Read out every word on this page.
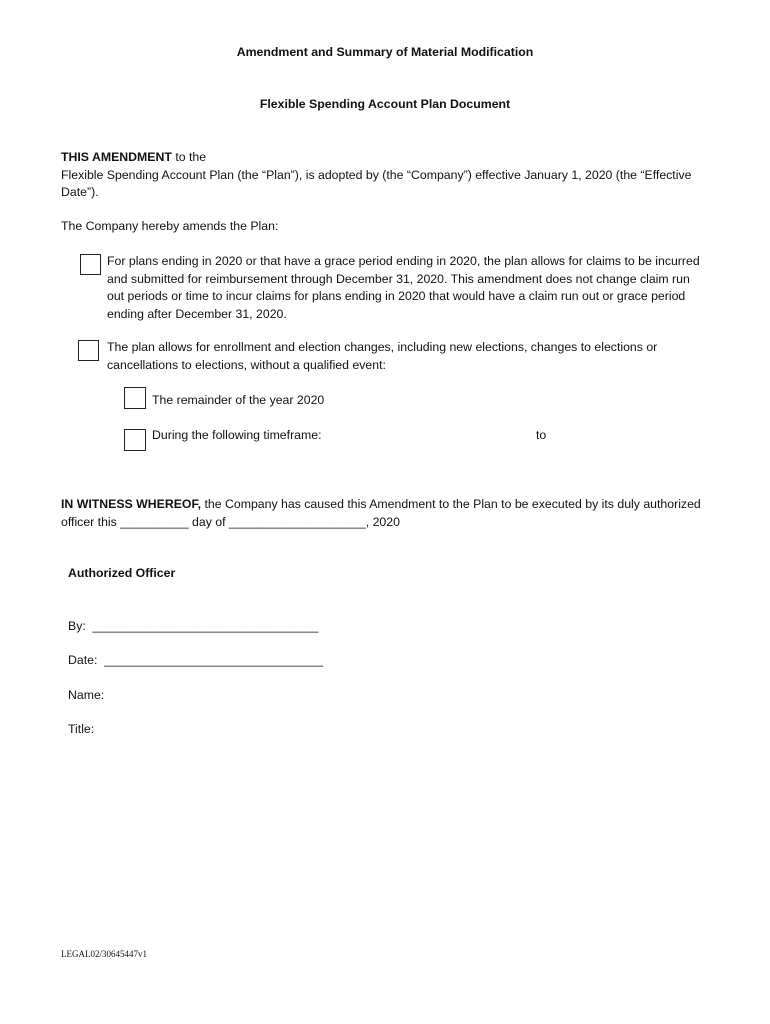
Amendment and Summary of Material Modification
Flexible Spending Account Plan Document
THIS AMENDMENT to the
Flexible Spending Account Plan (the “Plan”), is adopted by (the “Company”) effective January 1, 2020 (the “Effective Date”).
The Company hereby amends the Plan:
For plans ending in 2020 or that have a grace period ending in 2020, the plan allows for claims to be incurred and submitted for reimbursement through December 31, 2020. This amendment does not change claim run out periods or time to incur claims for plans ending in 2020 that would have a claim run out or grace period ending after December 31, 2020.
The plan allows for enrollment and election changes, including new elections, changes to elections or cancellations to elections, without a qualified event:
The remainder of the year 2020
During the following timeframe:	to
IN WITNESS WHEREOF, the Company has caused this Amendment to the Plan to be executed by its duly authorized officer this __________ day of ____________________, 2020
Authorized Officer
By:  _________________________________
Date:  ________________________________
Name:
Title:
LEGAL02/30645447v1
